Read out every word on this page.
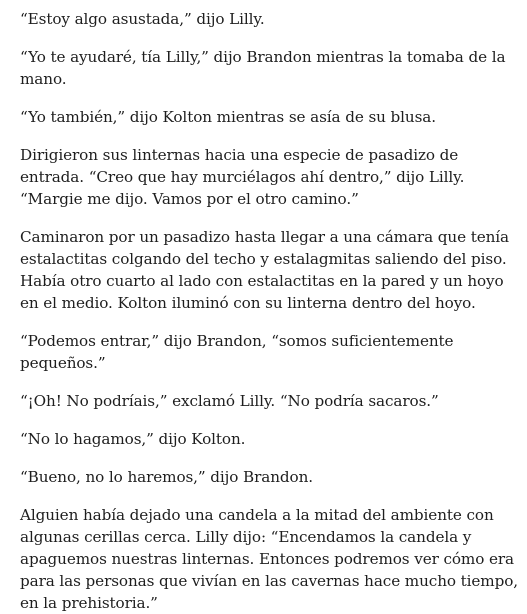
“Estoy algo asustada,” dijo Lilly.

“Yo te ayudaré, tía Lilly,” dijo Brandon mientras la tomaba de la mano.

“Yo también,” dijo Kolton mientras se asía de su blusa.

Dirigieron sus linternas hacia una especie de pasadizo de entrada. “Creo que hay murciélagos ahí dentro,” dijo Lilly. “Margie me dijo. Vamos por el otro camino.”

Caminaron por un pasadizo hasta llegar a una cámara que tenía estalactitas colgando del techo y estalagmitas saliendo del piso. Había otro cuarto al lado con estalactitas en la pared y un hoyo en el medio. Kolton iluminó con su linterna dentro del hoyo.

“Podemos entrar,” dijo Brandon, “somos suficientemente pequeños.”

“¡Oh! No podríais,” exclamó Lilly. “No podría sacaros.”

“No lo hagamos,” dijo Kolton.

“Bueno, no lo haremos,” dijo Brandon.

Alguien había dejado una candela a la mitad del ambiente con algunas cerillas cerca. Lilly dijo: “Encendamos la candela y apaguemos nuestras linternas. Entonces podremos ver cómo era para las personas que vivían en las cavernas hace mucho tiempo, en la prehistoria.”
